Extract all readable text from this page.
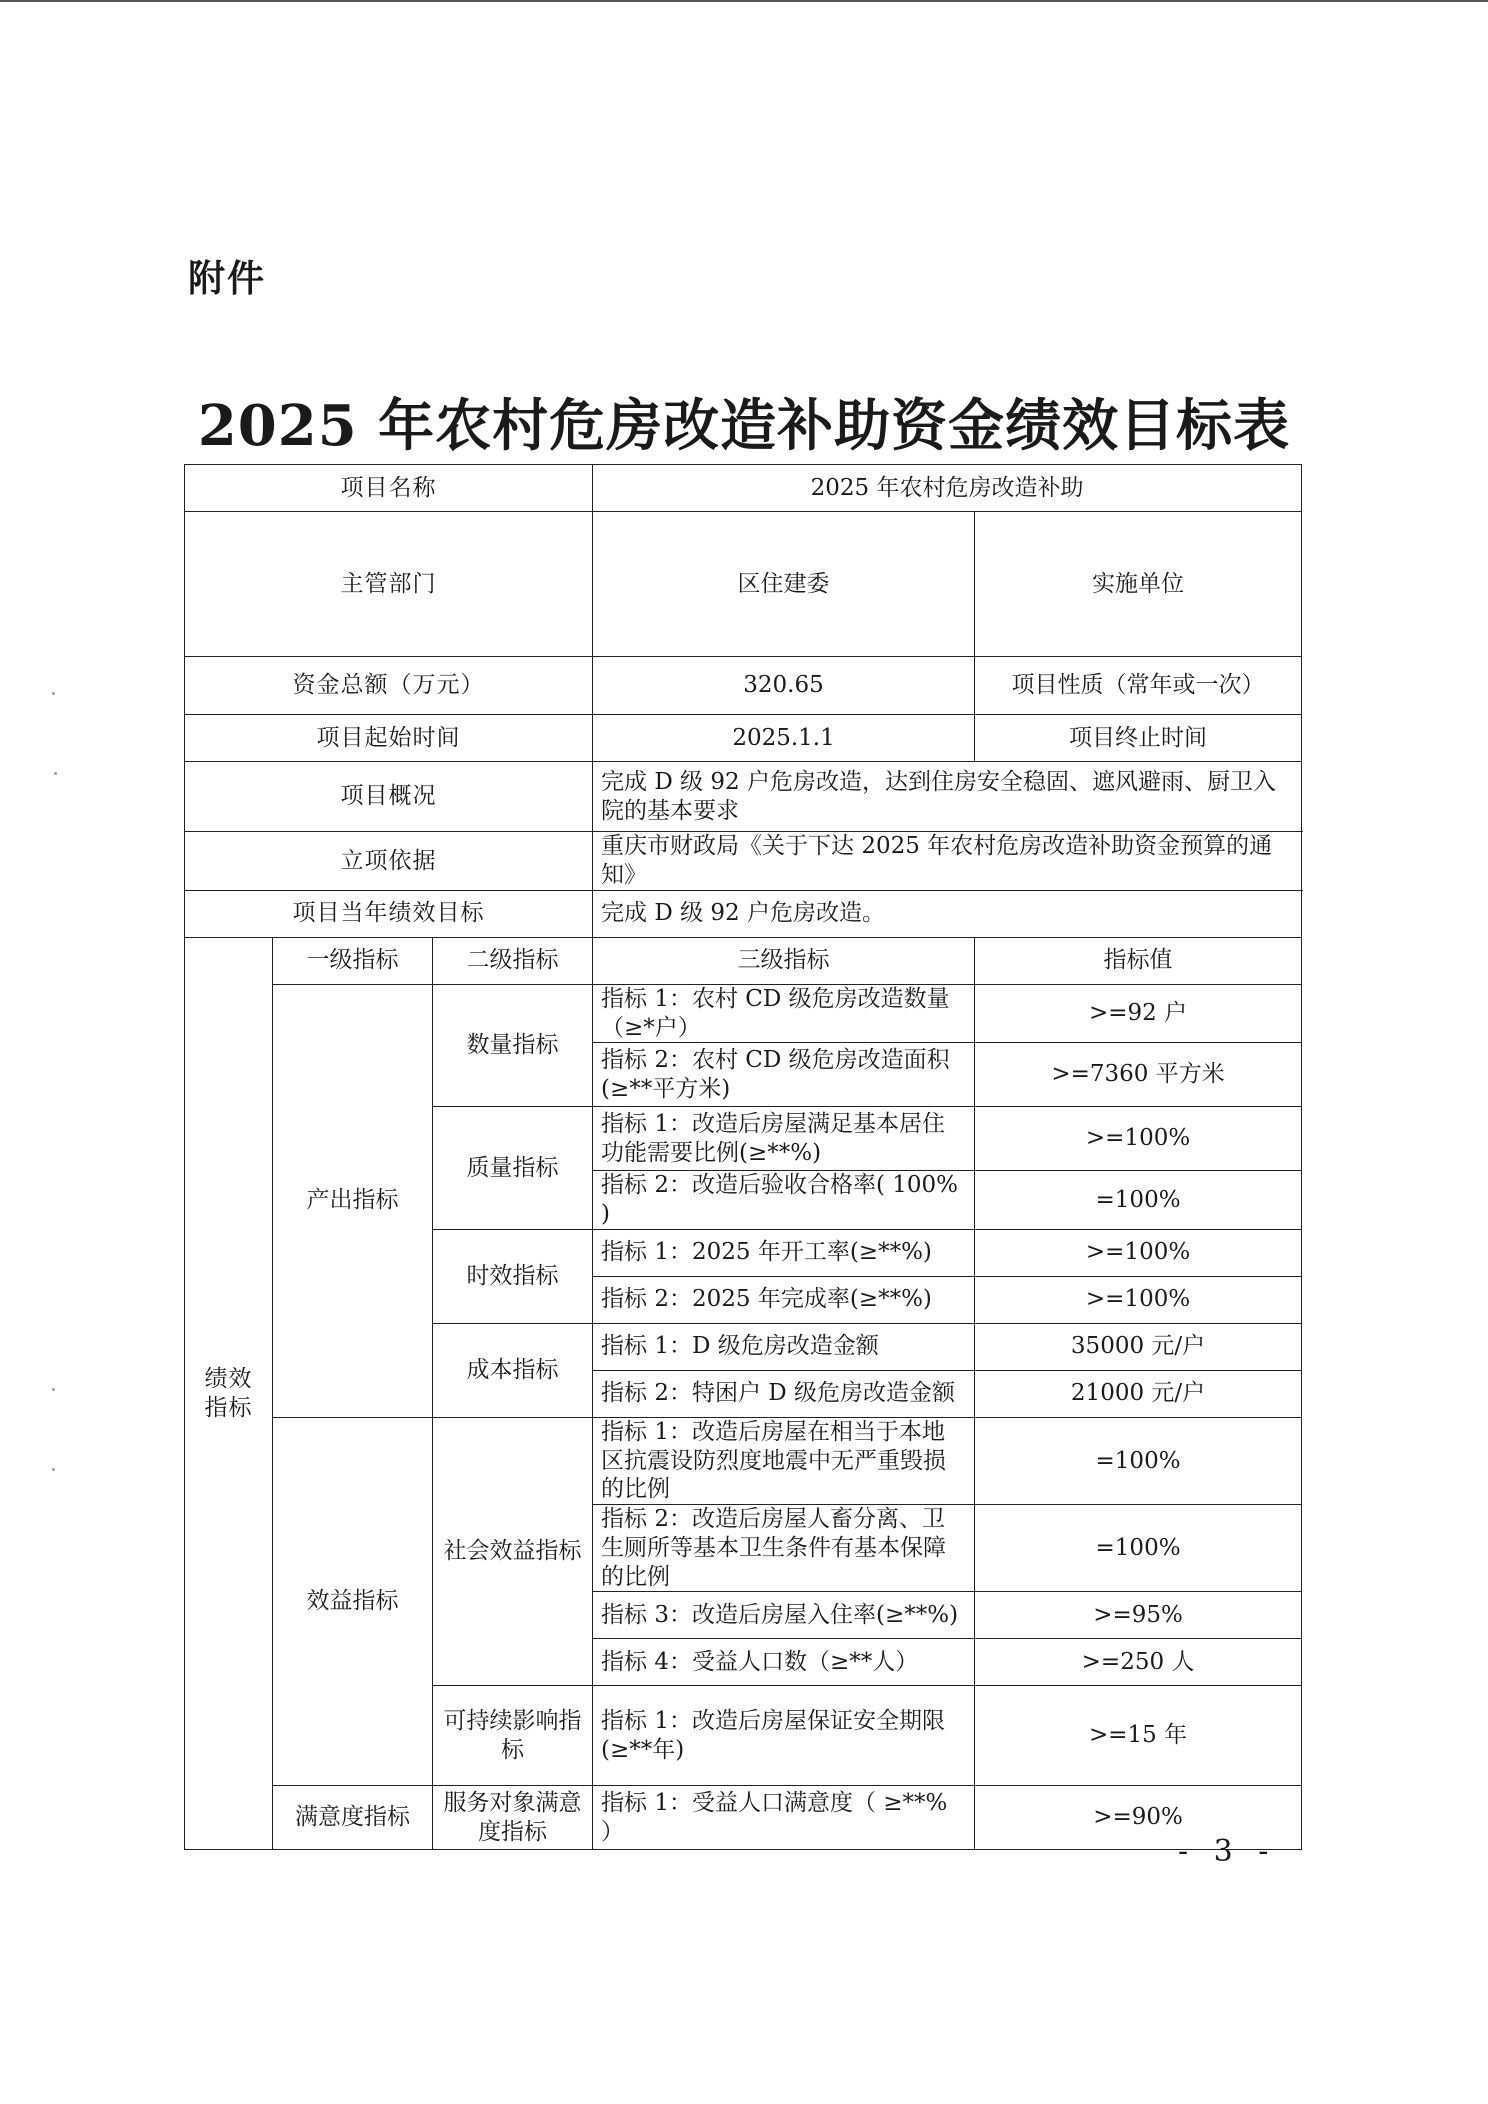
附件
2025 年农村危房改造补助资金绩效目标表
项目名称			2025 年农村危房改造补助		
主管部门			区住建委	实施单位	
资金总额（万元）			320.65	项目性质（常年或一次）	
项目起始时间			2025.1.1	项目终止时间	
项目概况			完成 D 级 92 户危房改造，达到住房安全稳固、遮风避雨、厨卫入院的基本要求		
立项依据			重庆市财政局《关于下达 2025 年农村危房改造补助资金预算的通知》		
项目当年绩效目标			完成 D 级 92 户危房改造。		
绩效指标	一级指标	二级指标	三级指标	指标值	
	产出指标	数量指标	指标 1：农村 CD 级危房改造数量（≥*户）	>=92 户	
			指标 2：农村 CD 级危房改造面积(≥**平方米)	>=7360 平方米	
		质量指标	指标 1：改造后房屋满足基本居住功能需要比例(≥**%)	>=100%	
			指标 2：改造后验收合格率( 100% )	=100%	
		时效指标	指标 1：2025 年开工率(≥**%)	>=100%	
			指标 2：2025 年完成率(≥**%)	>=100%	
		成本指标	指标 1：D 级危房改造金额	35000 元/户	
			指标 2：特困户 D 级危房改造金额	21000 元/户	
	效益指标	社会效益指标	指标 1：改造后房屋在相当于本地区抗震设防烈度地震中无严重毁损的比例	=100%	
			指标 2：改造后房屋人畜分离、卫生厕所等基本卫生条件有基本保障的比例	=100%	
			指标 3：改造后房屋入住率(≥**%)	>=95%	
			指标 4：受益人口数（≥**人）	>=250 人	
		可持续影响指标	指标 1：改造后房屋保证安全期限(≥**年)	>=15 年	
	满意度指标	服务对象满意度指标	指标 1：受益人口满意度（ ≥**% ）	>=90%	
- 3 -
